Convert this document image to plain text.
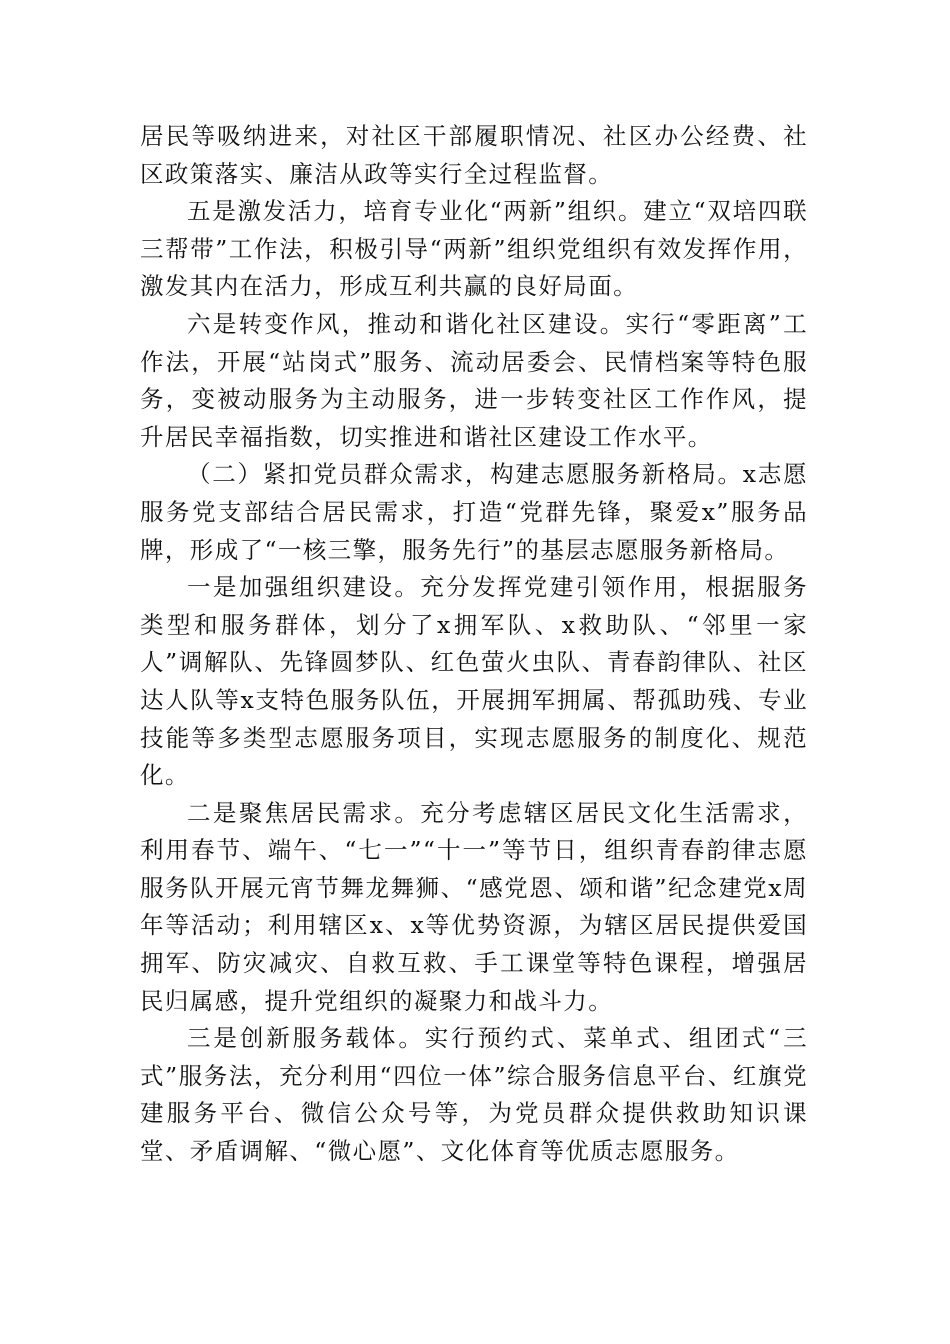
居民等吸纳进来，对社区干部履职情况、社区办公经费、社区政策落实、廉洁从政等实行全过程监督。

五是激发活力，培育专业化“两新”组织。建立“双培四联三帮带”工作法，积极引导“两新”组织党组织有效发挥作用，激发其内在活力，形成互利共赢的良好局面。

六是转变作风，推动和谐化社区建设。实行“零距离”工作法，开展“站岗式”服务、流动居委会、民情档案等特色服务，变被动服务为主动服务，进一步转变社区工作作风，提升居民幸福指数，切实推进和谐社区建设工作水平。

（二）紧扣党员群众需求，构建志愿服务新格局。x志愿服务党支部结合居民需求，打造“党群先锋，聚爱x”服务品牌，形成了“一核三擎，服务先行”的基层志愿服务新格局。

一是加强组织建设。充分发挥党建引领作用，根据服务类型和服务群体，划分了x拥军队、x救助队、“邻里一家人”调解队、先锋圆梦队、红色萤火虫队、青春韵律队、社区达人队等x支特色服务队伍，开展拥军拥属、帮孤助残、专业技能等多类型志愿服务项目，实现志愿服务的制度化、规范化。

二是聚焦居民需求。充分考虑辖区居民文化生活需求，利用春节、端午、“七一”“十一”等节日，组织青春韵律志愿服务队开展元宵节舞龙舞狮、“感党恩、颂和谐”纪念建党x周年等活动；利用辖区x、x等优势资源，为辖区居民提供爱国拥军、防灾减灾、自救互救、手工课堂等特色课程，增强居民归属感，提升党组织的凝聚力和战斗力。

三是创新服务载体。实行预约式、菜单式、组团式“三式”服务法，充分利用“四位一体”综合服务信息平台、红旗党建服务平台、微信公众号等，为党员群众提供救助知识课堂、矛盾调解、“微心愿”、文化体育等优质志愿服务。
